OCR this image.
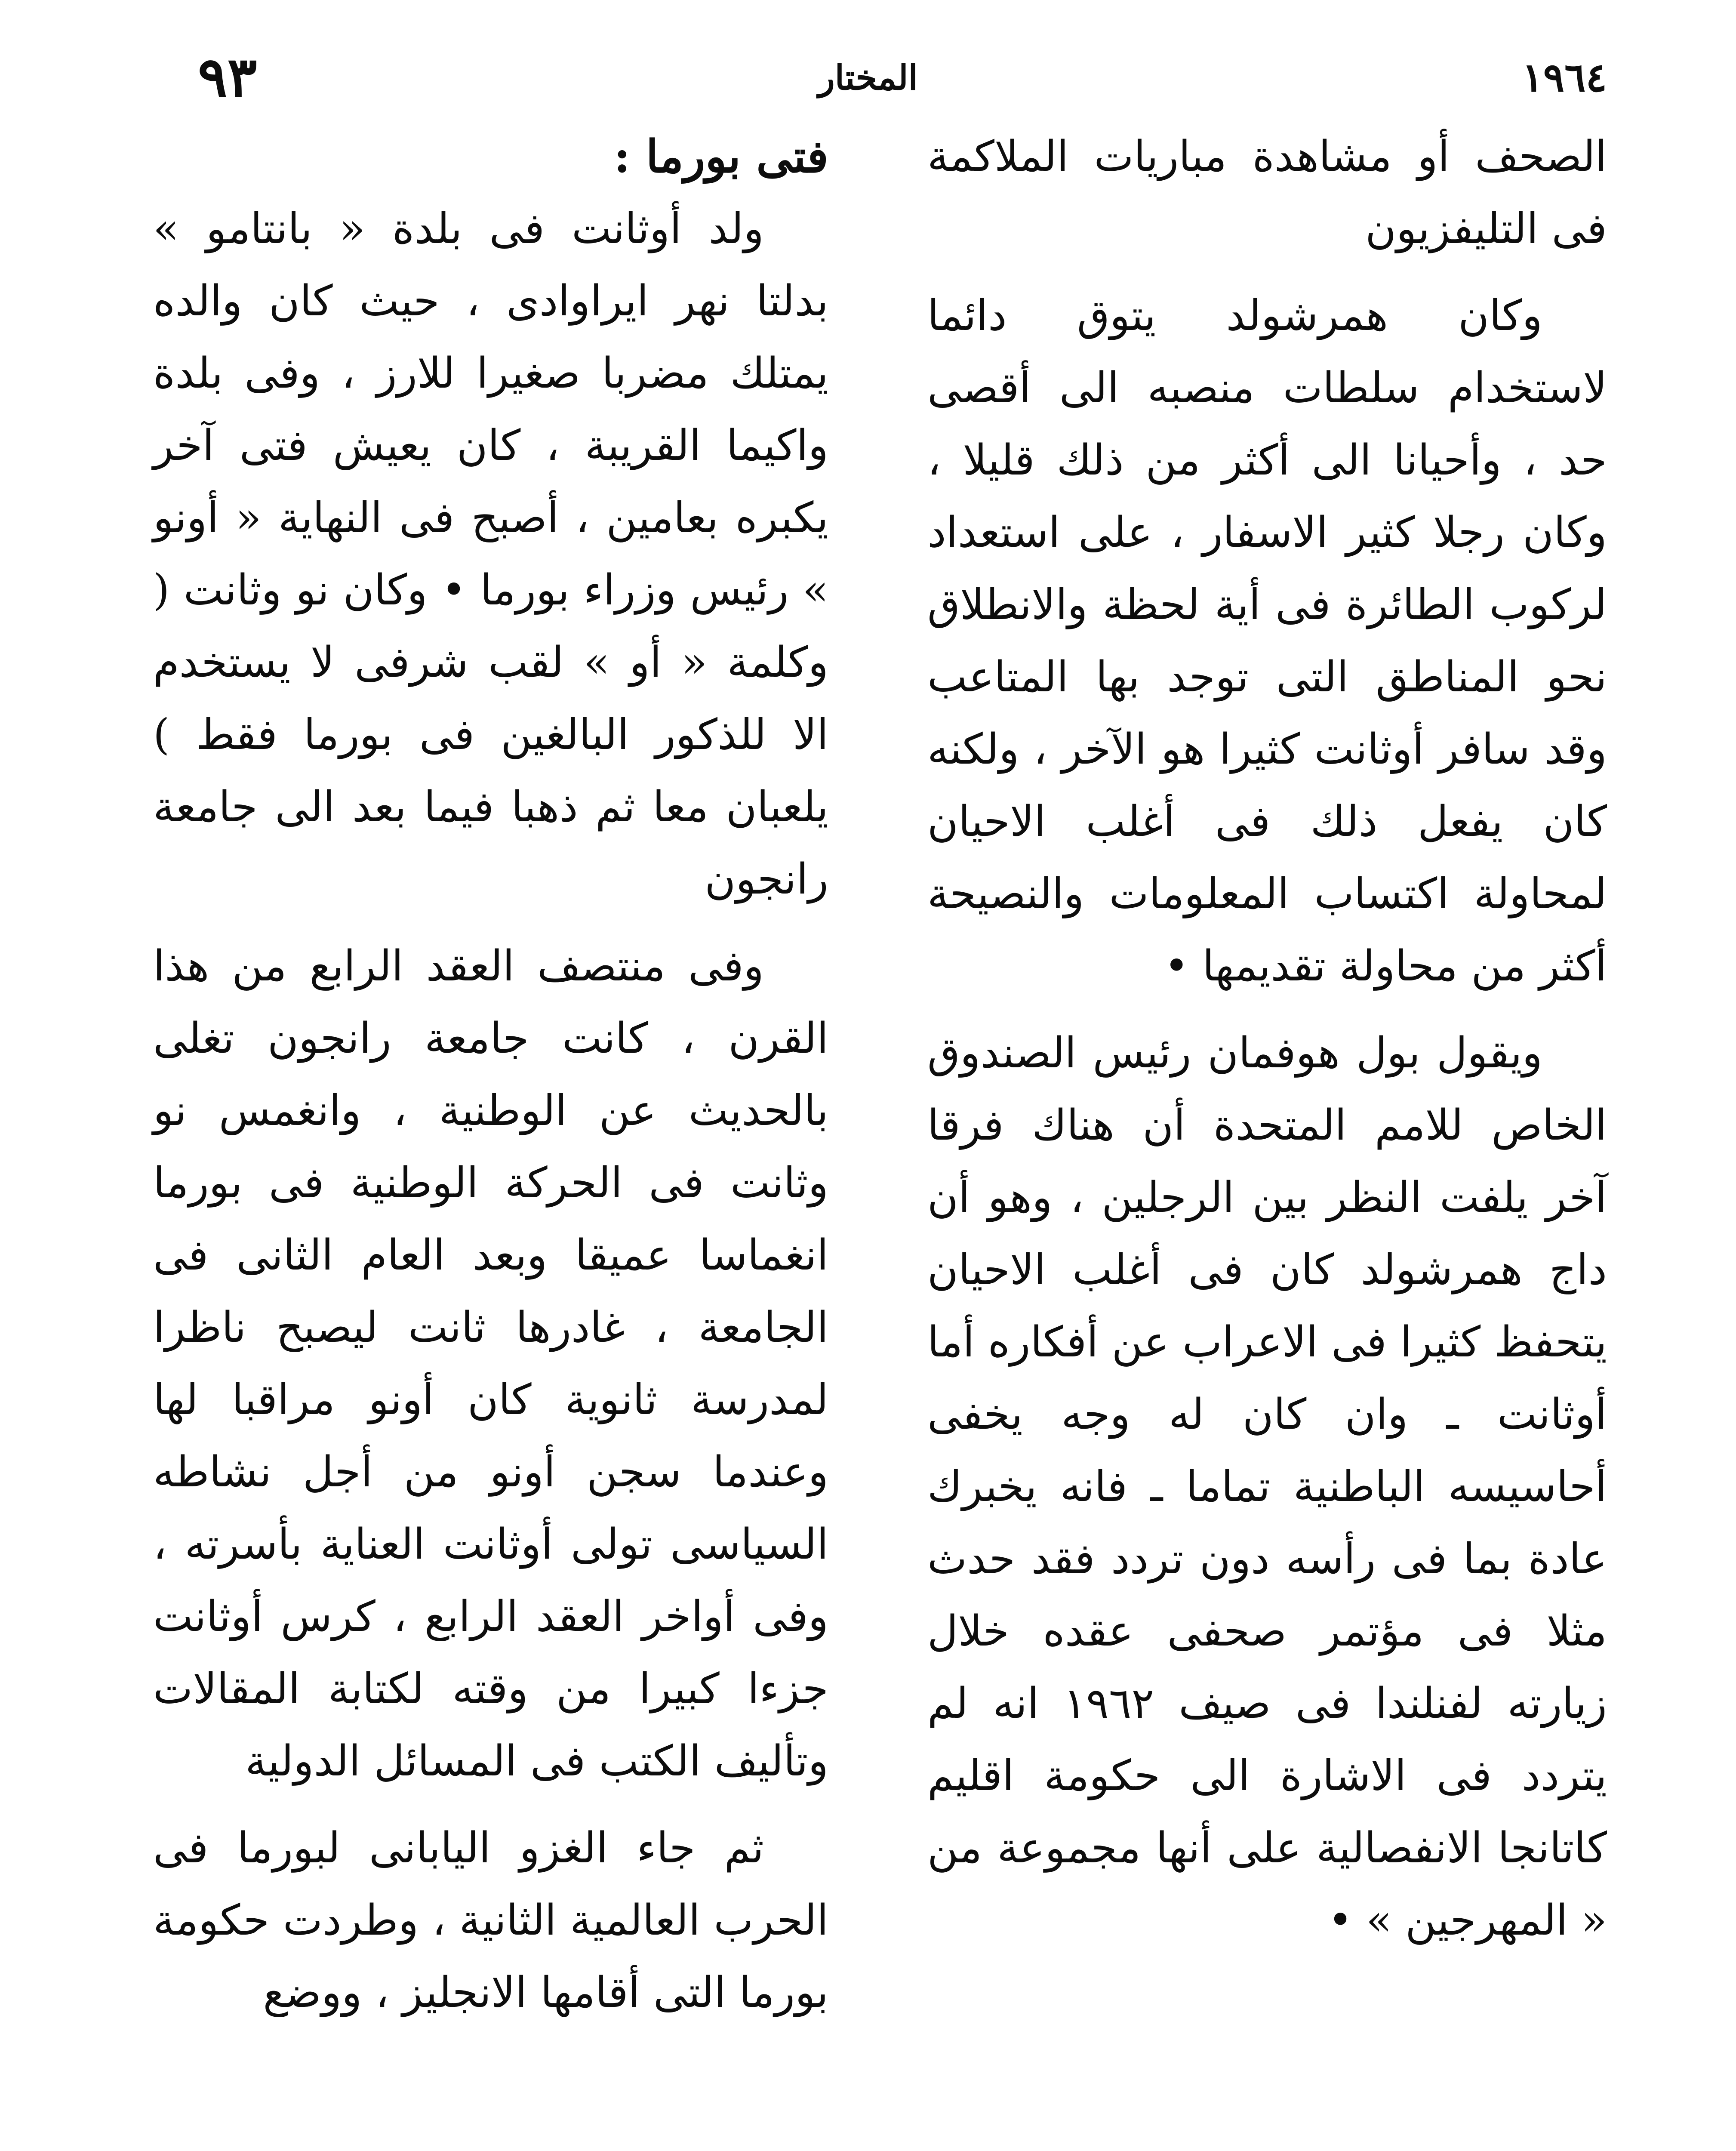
١٩٦٤
المختار
٩٣

الصحف أو مشاهدة مباريات الملاكمة فى التليفزيون

وكان همرشولد يتوق دائما لاستخدام سلطات منصبه الى أقصى حد ، وأحيانا الى أكثر من ذلك قليلا ، وكان رجلا كثير الاسفار ، على استعداد لركوب الطائرة فى أية لحظة والانطلاق نحو المناطق التى توجد بها المتاعب وقد سافر أوثانت كثيرا هو الآخر ، ولكنه كان يفعل ذلك فى أغلب الاحيان لمحاولة اكتساب المعلومات والنصيحة أكثر من محاولة تقديمها •

ويقول بول هوفمان رئيس الصندوق الخاص للامم المتحدة أن هناك فرقا آخر يلفت النظر بين الرجلين ، وهو أن داج همرشولد كان فى أغلب الاحيان يتحفظ كثيرا فى الاعراب عن أفكاره أما أوثانت ـ وان كان له وجه يخفى أحاسيسه الباطنية تماما ـ فانه يخبرك عادة بما فى رأسه دون تردد فقد حدث مثلا فى مؤتمر صحفى عقده خلال زيارته لفنلندا فى صيف ١٩٦٢ انه لم يتردد فى الاشارة الى حكومة اقليم كاتانجا الانفصالية على أنها مجموعة من « المهرجين » •

فتى بورما :

ولد أوثانت فى بلدة « بانتامو » بدلتا نهر ايراوادى ، حيث كان والده يمتلك مضربا صغيرا للارز ، وفى بلدة واكيما القريبة ، كان يعيش فتى آخر يكبره بعامين ، أصبح فى النهاية « أونو » رئيس وزراء بورما • وكان نو وثانت ( وكلمة « أو » لقب شرفى لا يستخدم الا للذكور البالغين فى بورما فقط ) يلعبان معا ثم ذهبا فيما بعد الى جامعة رانجون

وفى منتصف العقد الرابع من هذا القرن ، كانت جامعة رانجون تغلى بالحديث عن الوطنية ، وانغمس نو وثانت فى الحركة الوطنية فى بورما انغماسا عميقا وبعد العام الثانى فى الجامعة ، غادرها ثانت ليصبح ناظرا لمدرسة ثانوية كان أونو مراقبا لها وعندما سجن أونو من أجل نشاطه السياسى تولى أوثانت العناية بأسرته ، وفى أواخر العقد الرابع ، كرس أوثانت جزءا كبيرا من وقته لكتابة المقالات وتأليف الكتب فى المسائل الدولية

ثم جاء الغزو اليابانى لبورما فى الحرب العالمية الثانية ، وطردت حكومة بورما التى أقامها الانجليز ، ووضع
